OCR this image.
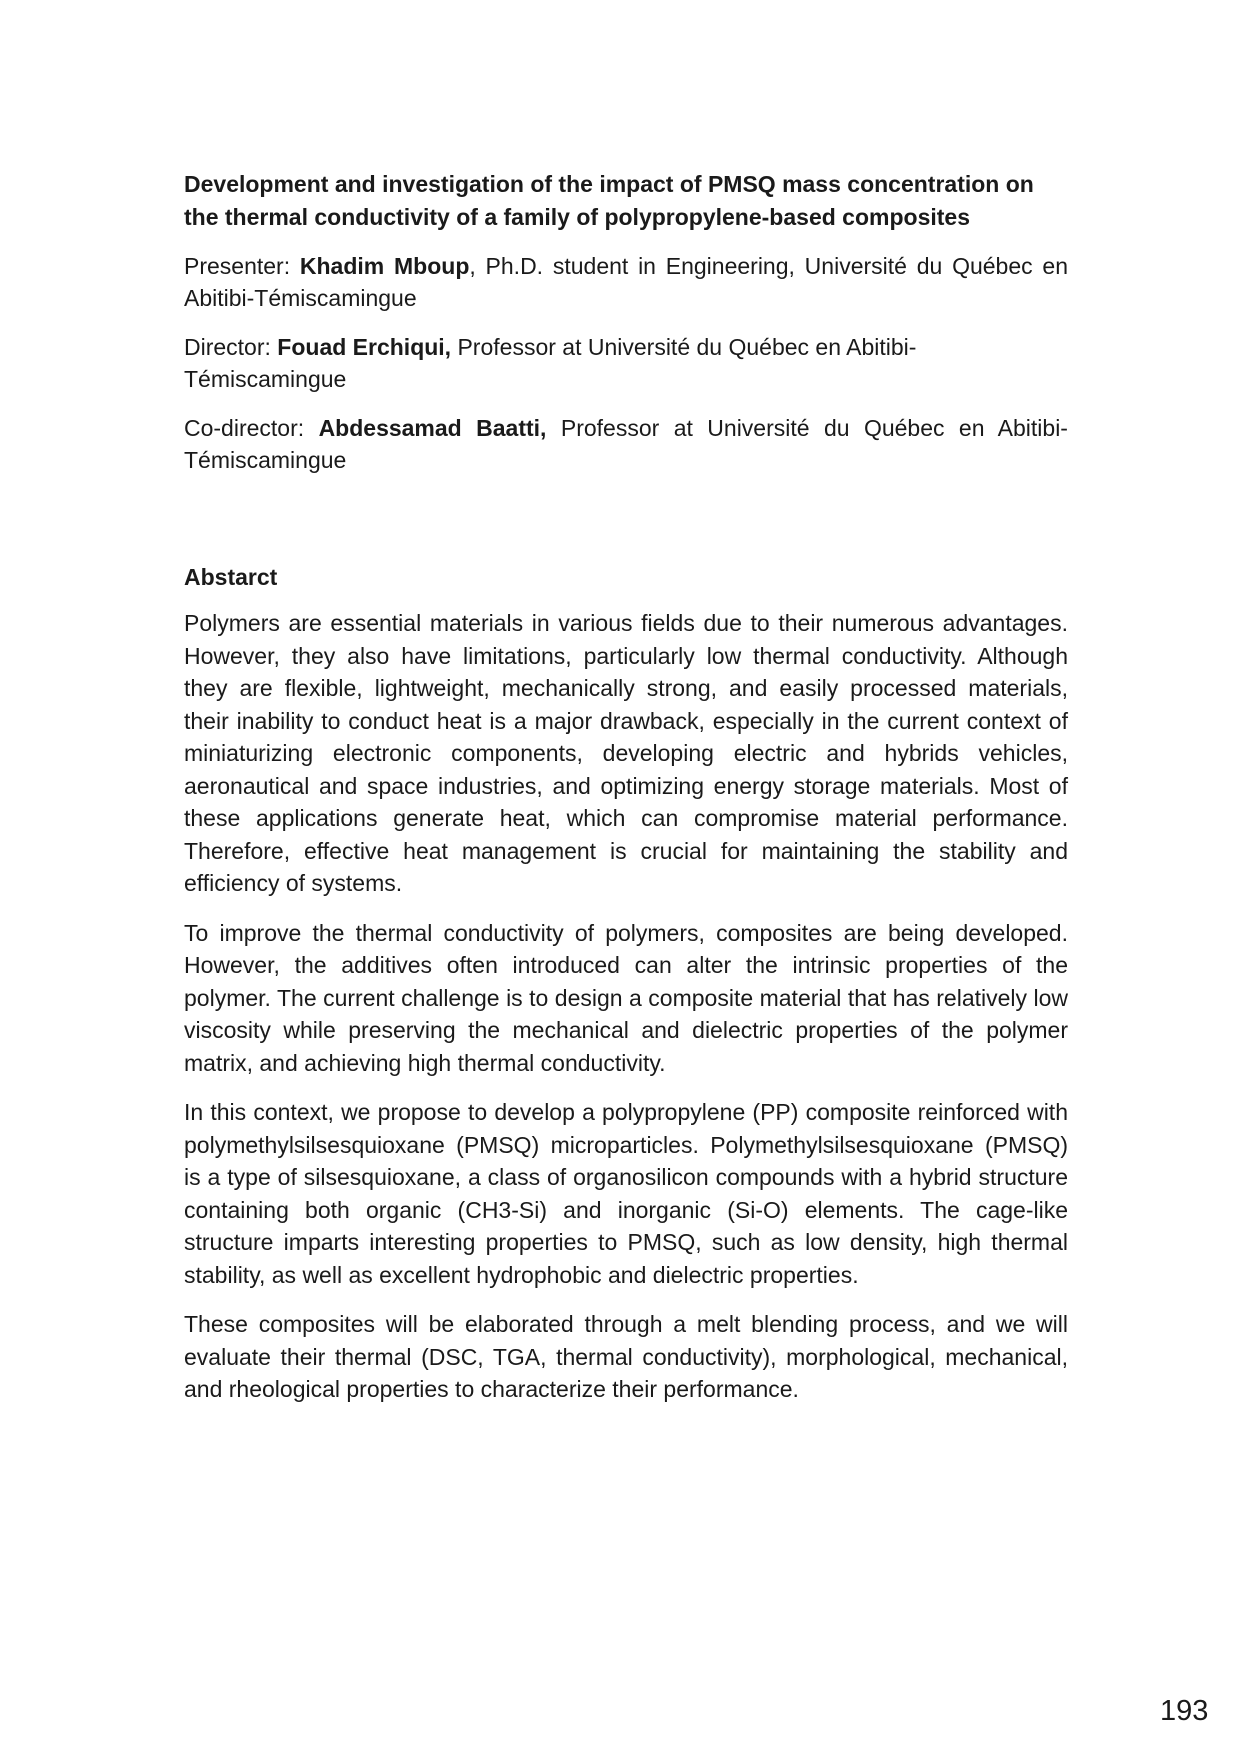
Development and investigation of the impact of PMSQ mass concentration on the thermal conductivity of a family of polypropylene-based composites

Presenter: Khadim Mboup, Ph.D. student in Engineering, Université du Québec en Abitibi-Témiscamingue

Director: Fouad Erchiqui, Professor at Université du Québec en Abitibi-Témiscamingue

Co-director: Abdessamad Baatti, Professor at Université du Québec en Abitibi-Témiscamingue

Abstarct

Polymers are essential materials in various fields due to their numerous advantages. However, they also have limitations, particularly low thermal conductivity. Although they are flexible, lightweight, mechanically strong, and easily processed materials, their inability to conduct heat is a major drawback, especially in the current context of miniaturizing electronic components, developing electric and hybrids vehicles, aeronautical and space industries, and optimizing energy storage materials. Most of these applications generate heat, which can compromise material performance. Therefore, effective heat management is crucial for maintaining the stability and efficiency of systems.

To improve the thermal conductivity of polymers, composites are being developed. However, the additives often introduced can alter the intrinsic properties of the polymer. The current challenge is to design a composite material that has relatively low viscosity while preserving the mechanical and dielectric properties of the polymer matrix, and achieving high thermal conductivity.

In this context, we propose to develop a polypropylene (PP) composite reinforced with polymethylsilsesquioxane (PMSQ) microparticles. Polymethylsilsesquioxane (PMSQ) is a type of silsesquioxane, a class of organosilicon compounds with a hybrid structure containing both organic (CH3-Si) and inorganic (Si-O) elements. The cage-like structure imparts interesting properties to PMSQ, such as low density, high thermal stability, as well as excellent hydrophobic and dielectric properties.

These composites will be elaborated through a melt blending process, and we will evaluate their thermal (DSC, TGA, thermal conductivity), morphological, mechanical, and rheological properties to characterize their performance.

193
